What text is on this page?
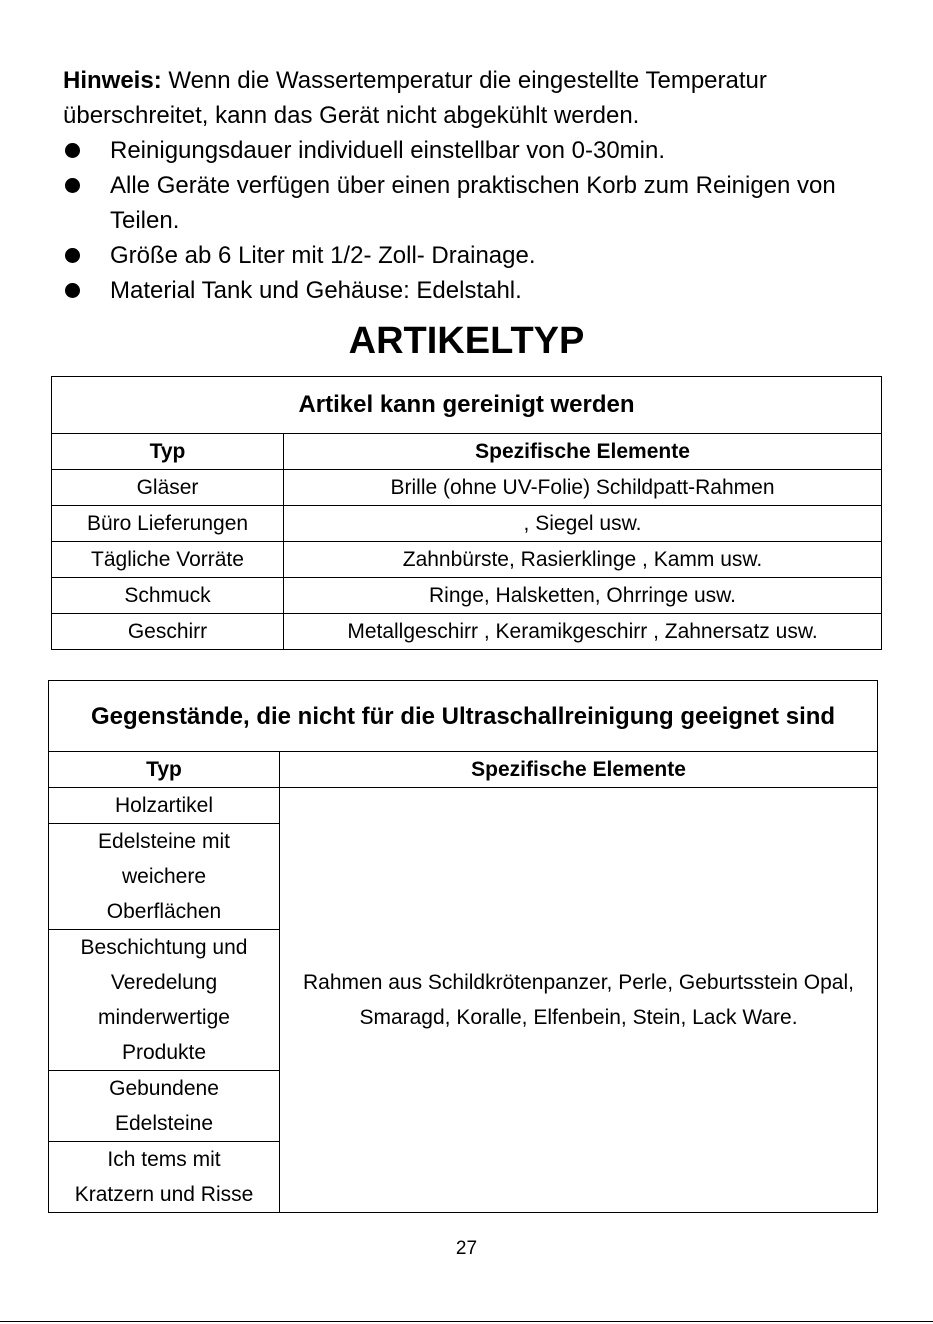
Hinweis: Wenn die Wassertemperatur die eingestellte Temperatur überschreitet, kann das Gerät nicht abgekühlt werden.

Reinigungsdauer individuell einstellbar von 0-30min.
Alle Geräte verfügen über einen praktischen Korb zum Reinigen von Teilen.
Größe ab 6 Liter mit 1/2- Zoll- Drainage.
Material Tank und Gehäuse: Edelstahl.
ARTIKELTYP
Artikel kann gereinigt werden	
Typ	Spezifische Elemente
Gläser	Brille (ohne UV-Folie) Schildpatt-Rahmen
Büro Lieferungen	, Siegel usw.
Tägliche Vorräte	Zahnbürste, Rasierklinge , Kamm usw.
Schmuck	Ringe, Halsketten, Ohrringe usw.
Geschirr	Metallgeschirr , Keramikgeschirr , Zahnersatz usw.
Gegenstände, die nicht für die Ultraschallreinigung geeignet sind	
Typ	Spezifische Elemente
Holzartikel	Rahmen aus Schildkrötenpanzer, Perle, Geburtsstein Opal, Smaragd, Koralle, Elfenbein, Stein, Lack Ware.
Edelsteine mit weichere Oberflächen	
Beschichtung und Veredelung minderwertige Produkte	
Gebundene Edelsteine	
Ich tems mit Kratzern und Risse	
27
